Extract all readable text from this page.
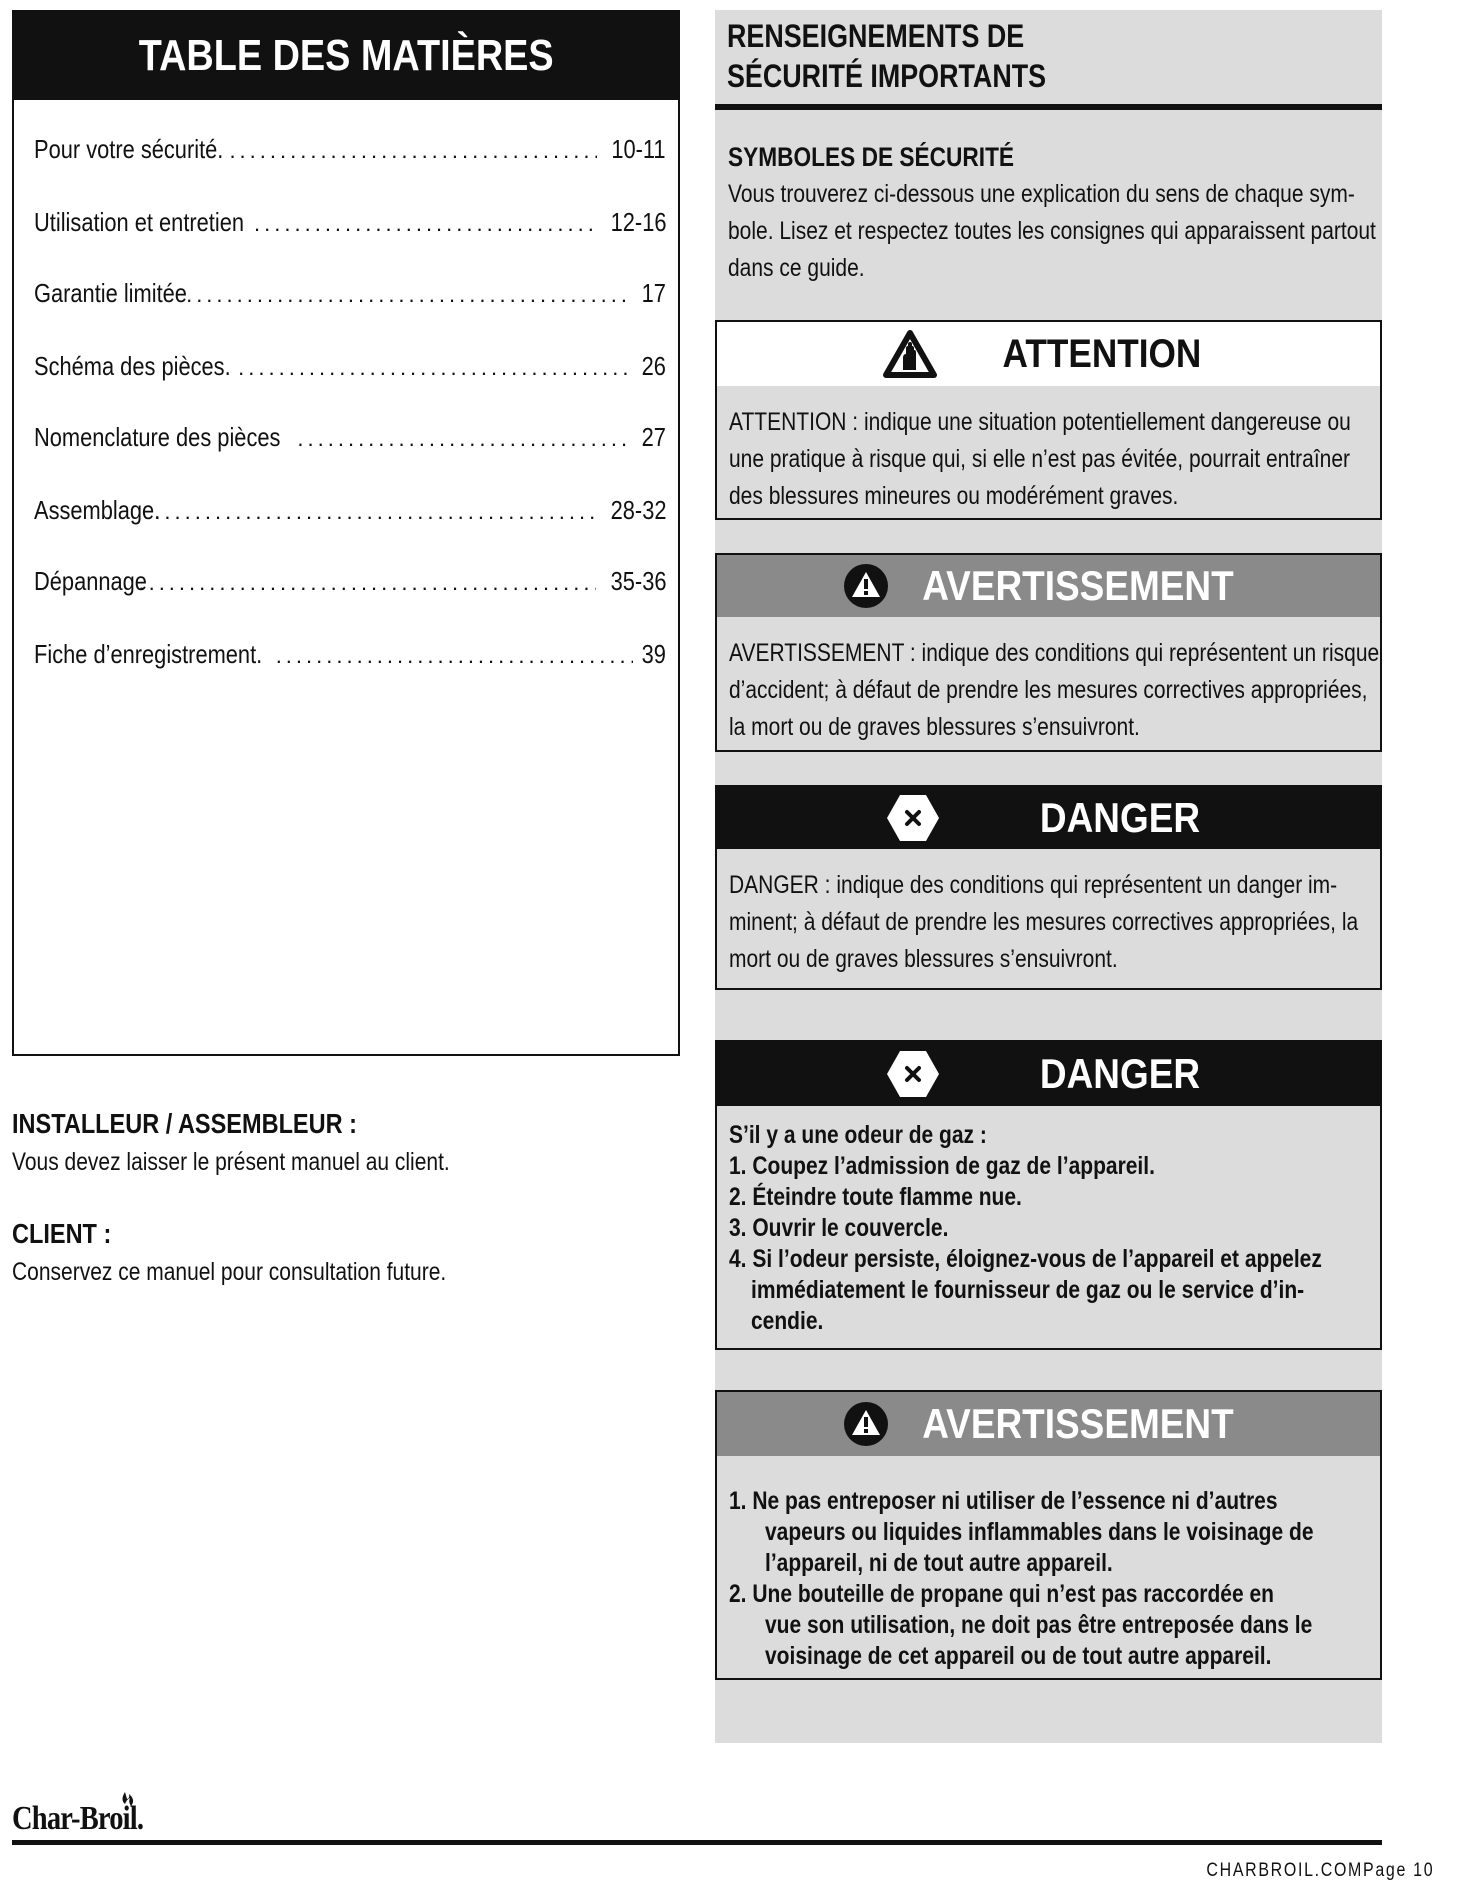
TABLE DES MATIÈRES
Pour votre sécurité. .....	10-11
Utilisation et entretien .....	12-16
Garantie limitée .....	17
Schéma des pièces. .....	26
Nomenclature des pièces .....	27
Assemblage. .....	28-32
Dépannage .....	35-36
Fiche d’enregistrement. .....	39
INSTALLEUR / ASSEMBLEUR :
Vous devez laisser le présent manuel au client.
CLIENT :
Conservez ce manuel pour consultation future.
RENSEIGNEMENTS DE
SÉCURITÉ IMPORTANTS
SYMBOLES DE SÉCURITÉ
Vous trouverez ci-dessous une explication du sens de chaque sym-
bole. Lisez et respectez toutes les consignes qui apparaissent partout
dans ce guide.
ATTENTION
ATTENTION : indique une situation potentiellement dangereuse ou
une pratique à risque qui, si elle n’est pas évitée, pourrait entraîner
des blessures mineures ou modérément graves.
AVERTISSEMENT
AVERTISSEMENT : indique des conditions qui représentent un risque
d’accident; à défaut de prendre les mesures correctives appropriées,
la mort ou de graves blessures s’ensuivront.
DANGER
DANGER : indique des conditions qui représentent un danger im-
minent; à défaut de prendre les mesures correctives appropriées, la
mort ou de graves blessures s’ensuivront.
DANGER
S’il y a une odeur de gaz :
1. Coupez l’admission de gaz de l’appareil.
2. Éteindre toute flamme nue.
3. Ouvrir le couvercle.
4. Si l’odeur persiste, éloignez-vous de l’appareil et appelez
immédiatement le fournisseur de gaz ou le service d’in-
cendie.
AVERTISSEMENT
1. Ne pas entreposer ni utiliser de l’essence ni d’autres
vapeurs ou liquides inflammables dans le voisinage de
l’appareil, ni de tout autre appareil.
2. Une bouteille de propane qui n’est pas raccordée en
vue son utilisation, ne doit pas être entreposée dans le
voisinage de cet appareil ou de tout autre appareil.
Char-Broil.
CHARBROIL.COMPage 10
